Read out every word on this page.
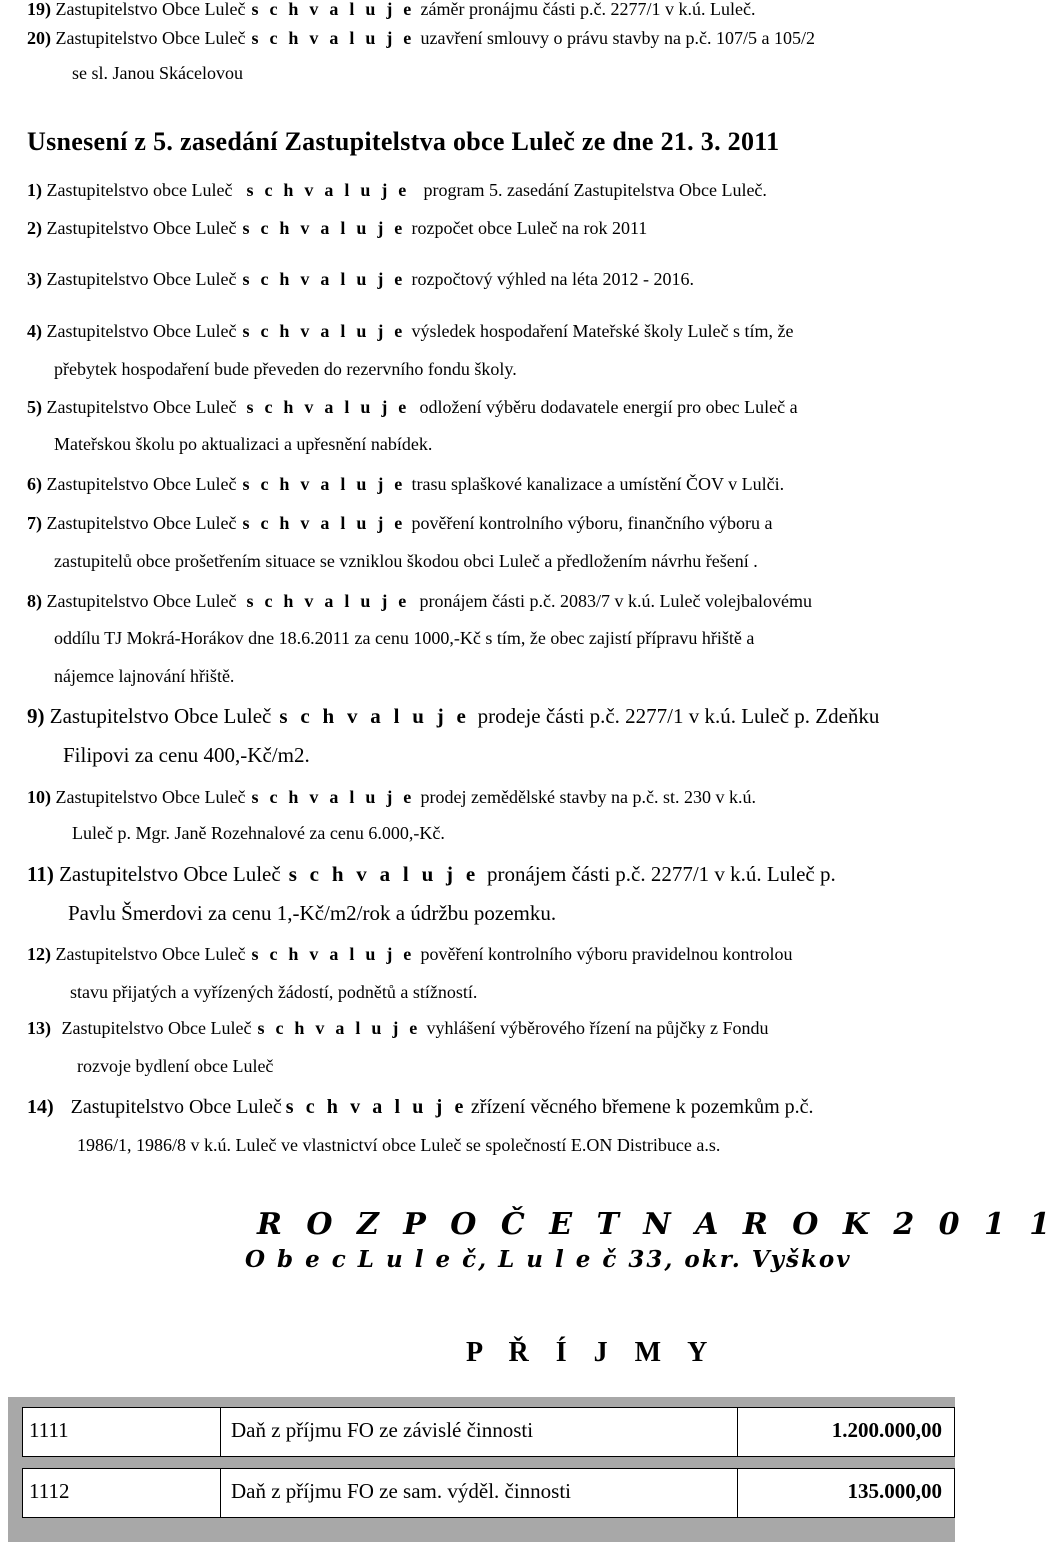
19) Zastupitelstvo Obce Luleč s c h v a l u j e záměr pronájmu části p.č. 2277/1 v k.ú. Luleč.
20) Zastupitelstvo Obce Luleč s c h v a l u j e uzavření smlouvy o právu stavby na p.č. 107/5 a 105/2
se sl. Janou Skácelovou
Usnesení z 5. zasedání Zastupitelstva obce Luleč ze dne 21. 3. 2011
1) Zastupitelstvo obce Luleč s c h v a l u j e program 5. zasedání Zastupitelstva Obce Luleč.
2) Zastupitelstvo Obce Luleč s c h v a l u j e rozpočet obce Luleč na rok 2011
3) Zastupitelstvo Obce Luleč s c h v a l u j e rozpočtový výhled na léta 2012 - 2016.
4) Zastupitelstvo Obce Luleč s c h v a l u j e výsledek hospodaření Mateřské školy Luleč s tím, že
přebytek hospodaření bude převeden do rezervního fondu školy.
5) Zastupitelstvo Obce Luleč s c h v a l u j e odložení výběru dodavatele energií pro obec Luleč a
Mateřskou školu po aktualizaci a upřesnění nabídek.
6) Zastupitelstvo Obce Luleč s c h v a l u j e trasu splaškové kanalizace a umístění ČOV v Lulči.
7) Zastupitelstvo Obce Luleč s c h v a l u j e pověření kontrolního výboru, finančního výboru a
zastupitelů obce prošetřením situace se vzniklou škodou obci Luleč a předložením návrhu řešení .
8) Zastupitelstvo Obce Luleč s c h v a l u j e pronájem části p.č. 2083/7 v k.ú. Luleč volejbalovému
oddílu TJ Mokrá-Horákov dne 18.6.2011 za cenu 1000,-Kč s tím, že obec zajistí přípravu hřiště a
nájemce lajnování hřiště.
9) Zastupitelstvo Obce Luleč s c h v a l u j e prodeje části p.č. 2277/1 v k.ú. Luleč p. Zdeňku
Filipovi za cenu 400,-Kč/m2.
10) Zastupitelstvo Obce Luleč s c h v a l u j e prodej zemědělské stavby na p.č. st. 230 v k.ú.
Luleč p. Mgr. Janě Rozehnalové za cenu 6.000,-Kč.
11) Zastupitelstvo Obce Luleč s c h v a l u j e pronájem části p.č. 2277/1 v k.ú. Luleč p.
Pavlu Šmerdovi za cenu 1,-Kč/m2/rok a údržbu pozemku.
12) Zastupitelstvo Obce Luleč s c h v a l u j e pověření kontrolního výboru pravidelnou kontrolou
stavu přijatých a vyřízených žádostí, podnětů a stížností.
13) Zastupitelstvo Obce Luleč s c h v a l u j e vyhlášení výběrového řízení na půjčky z Fondu
rozvoje bydlení obce Luleč
14) Zastupitelstvo Obce Luleč s c h v a l u j e zřízení věcného břemene k pozemkům p.č.
1986/1, 1986/8 v k.ú. Luleč ve vlastnictví obce Luleč se společností E.ON Distribuce a.s.
R O Z P O Č E T N A R O K 2 0 1 1
O b e c L u l e č, L u l e č 33, okr. Vyškov
P Ř Í J M Y
1111	Daň z příjmu FO ze závislé činnosti	1.200.000,00
1112	Daň z příjmu FO ze sam. výděl. činnosti	135.000,00
